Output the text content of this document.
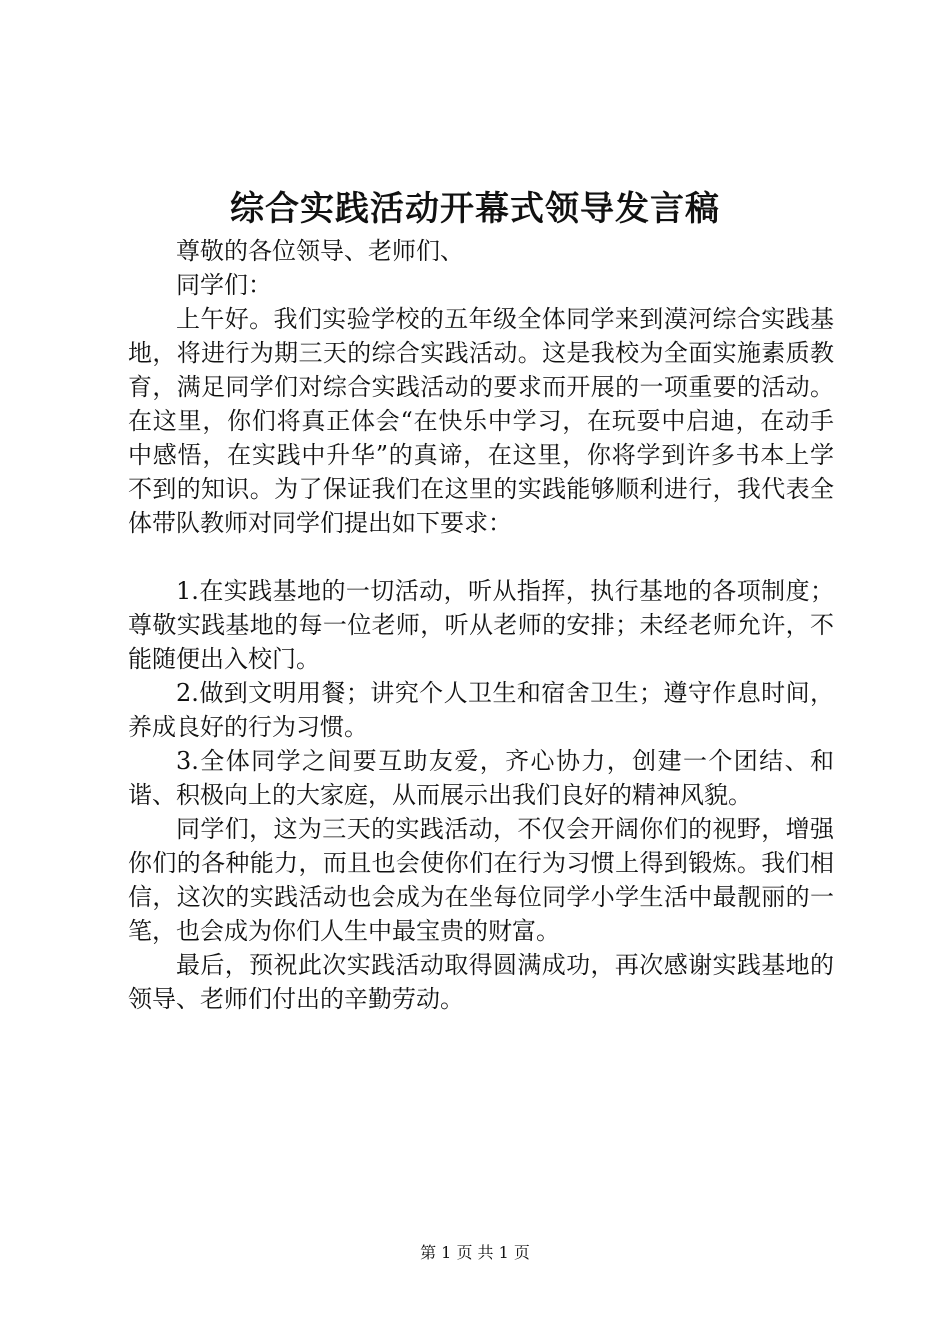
综合实践活动开幕式领导发言稿

尊敬的各位领导、老师们、

同学们：

上午好。我们实验学校的五年级全体同学来到漠河综合实践基地，将进行为期三天的综合实践活动。这是我校为全面实施素质教育，满足同学们对综合实践活动的要求而开展的一项重要的活动。在这里，你们将真正体会“在快乐中学习，在玩耍中启迪，在动手中感悟，在实践中升华”的真谛，在这里，你将学到许多书本上学不到的知识。为了保证我们在这里的实践能够顺利进行，我代表全体带队教师对同学们提出如下要求：

1.在实践基地的一切活动，听从指挥，执行基地的各项制度；尊敬实践基地的每一位老师，听从老师的安排；未经老师允许，不能随便出入校门。

2.做到文明用餐；讲究个人卫生和宿舍卫生；遵守作息时间，养成良好的行为习惯。

3.全体同学之间要互助友爱，齐心协力，创建一个团结、和谐、积极向上的大家庭，从而展示出我们良好的精神风貌。

同学们，这为三天的实践活动，不仅会开阔你们的视野，增强你们的各种能力，而且也会使你们在行为习惯上得到锻炼。我们相信，这次的实践活动也会成为在坐每位同学小学生活中最靓丽的一笔，也会成为你们人生中最宝贵的财富。

最后，预祝此次实践活动取得圆满成功，再次感谢实践基地的领导、老师们付出的辛勤劳动。

第 1 页 共 1 页
